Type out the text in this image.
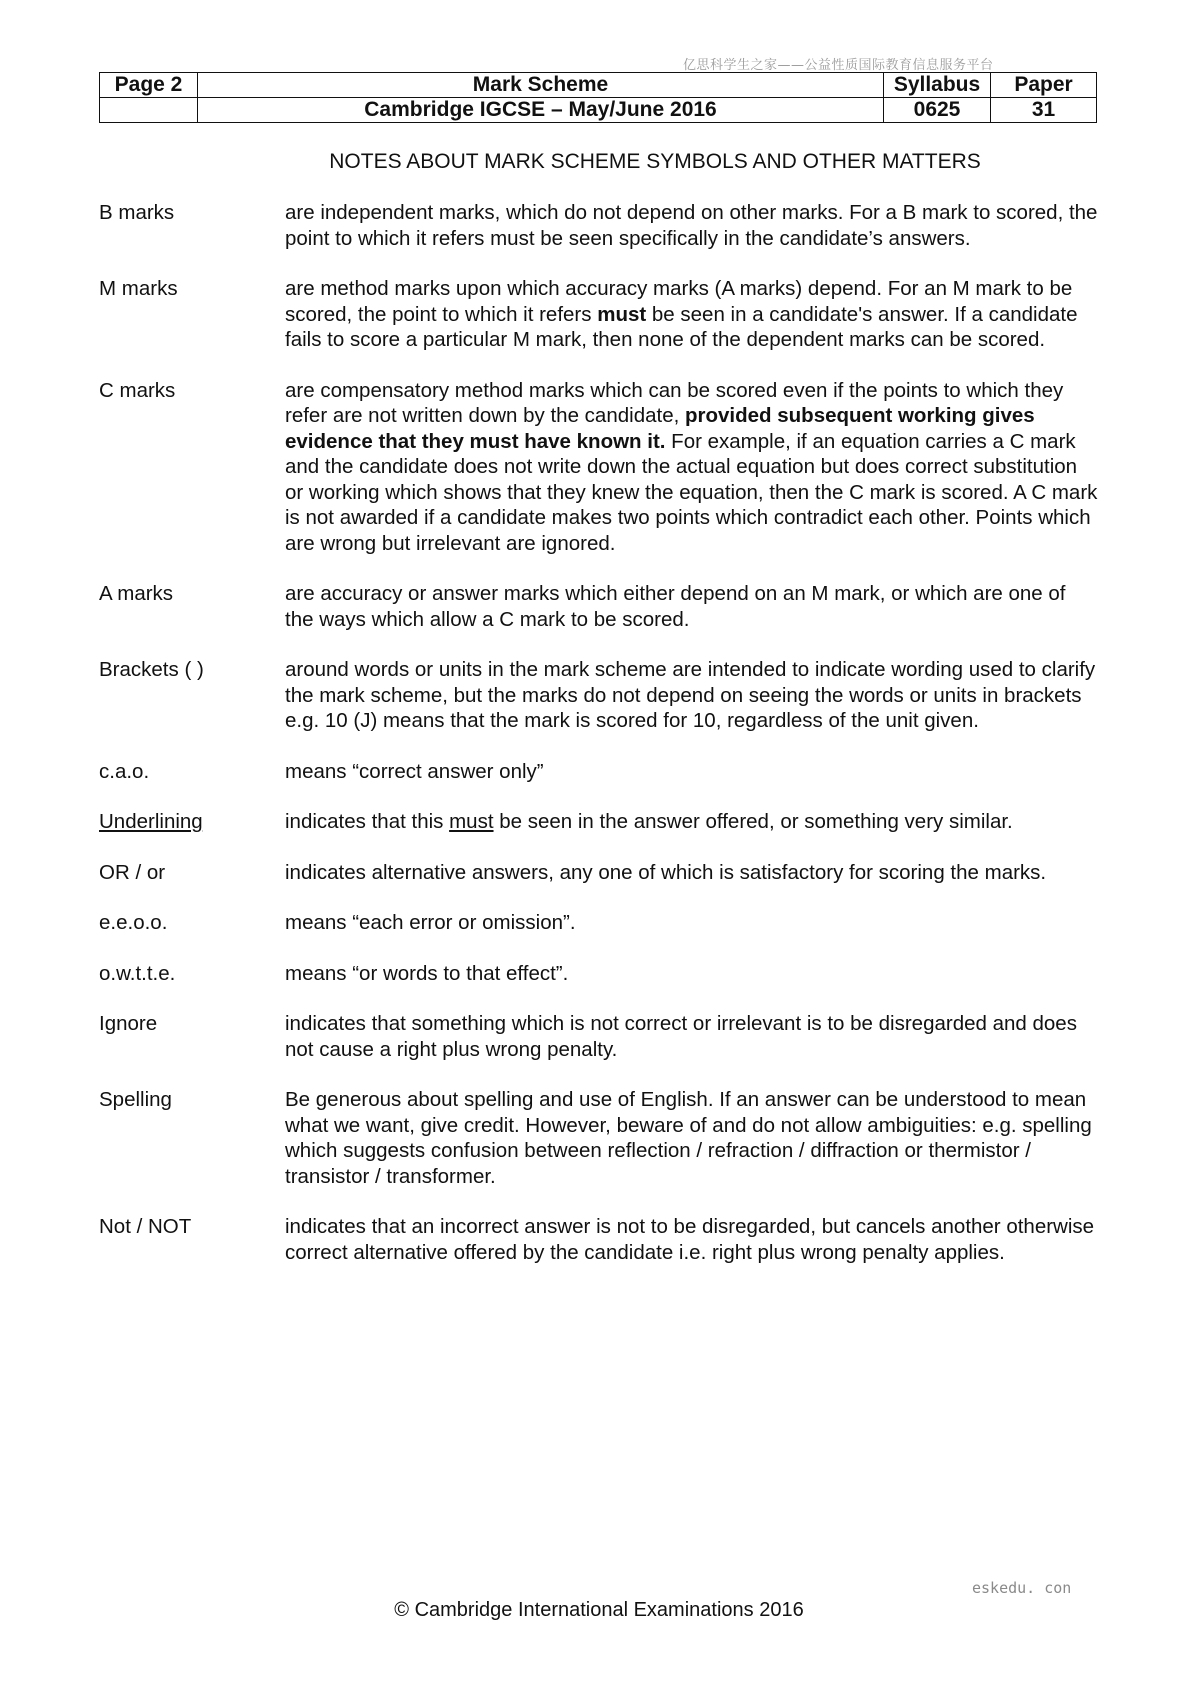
亿思科学生之家——公益性质国际教育信息服务平台
Page 2	Mark Scheme	Syllabus	Paper
	Cambridge IGCSE – May/June 2016	0625	31
NOTES ABOUT MARK SCHEME SYMBOLS AND OTHER MATTERS
B marks	are independent marks, which do not depend on other marks. For a B mark to scored, the point to which it refers must be seen specifically in the candidate’s answers.
M marks	are method marks upon which accuracy marks (A marks) depend. For an M mark to be scored, the point to which it refers must be seen in a candidate's answer. If a candidate fails to score a particular M mark, then none of the dependent marks can be scored.
C marks	are compensatory method marks which can be scored even if the points to which they refer are not written down by the candidate, provided subsequent working gives evidence that they must have known it. For example, if an equation carries a C mark and the candidate does not write down the actual equation but does correct substitution or working which shows that they knew the equation, then the C mark is scored. A C mark is not awarded if a candidate makes two points which contradict each other. Points which are wrong but irrelevant are ignored.
A marks	are accuracy or answer marks which either depend on an M mark, or which are one of the ways which allow a C mark to be scored.
Brackets ( )	around words or units in the mark scheme are intended to indicate wording used to clarify the mark scheme, but the marks do not depend on seeing the words or units in brackets e.g. 10 (J) means that the mark is scored for 10, regardless of the unit given.
c.a.o.	means “correct answer only”
Underlining	indicates that this must be seen in the answer offered, or something very similar.
OR / or	indicates alternative answers, any one of which is satisfactory for scoring the marks.
e.e.o.o.	means “each error or omission”.
o.w.t.t.e.	means “or words to that effect”.
Ignore	indicates that something which is not correct or irrelevant is to be disregarded and does not cause a right plus wrong penalty.
Spelling	Be generous about spelling and use of English. If an answer can be understood to mean what we want, give credit. However, beware of and do not allow ambiguities: e.g. spelling which suggests confusion between reflection / refraction / diffraction or thermistor / transistor / transformer.
Not / NOT	indicates that an incorrect answer is not to be disregarded, but cancels another otherwise correct alternative offered by the candidate i.e. right plus wrong penalty applies.
eskedu. con
© Cambridge International Examinations 2016
